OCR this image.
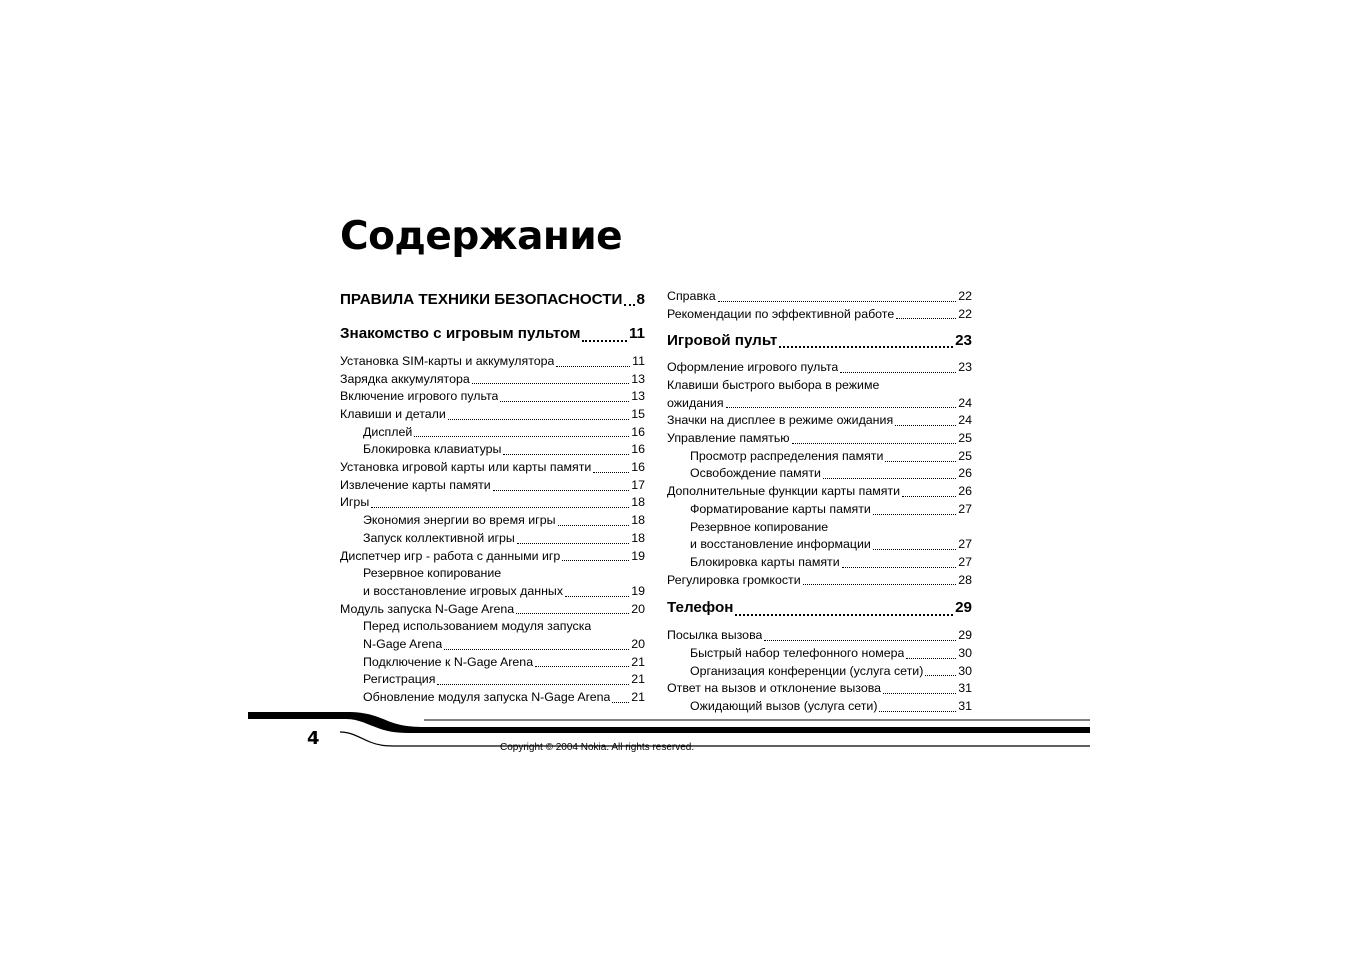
Содержание
ПРАВИЛА ТЕХНИКИ БЕЗОПАСНОСТИ 8
Знакомство с игровым пультом	11
Установка SIM-карты и аккумулятора	11
Зарядка аккумулятора	13
Включение игрового пульта	13
Клавиши и детали	15
Дисплей	16
Блокировка клавиатуры	16
Установка игровой карты или карты памяти	16
Извлечение карты памяти	17
Игры	18
Экономия энергии во время игры	18
Запуск коллективной игры	18
Диспетчер игр - работа с данными игр	19
Резервное копирование
и восстановление игровых данных	19
Модуль запуска N-Gage Arena	20
Перед использованием модуля запуска
N-Gage Arena	20
Подключение к N-Gage Arena	21
Регистрация	21
Обновление модуля запуска N-Gage Arena 21
Справка	22
Рекомендации по эффективной работе	22
Игровой пульт	23
Оформление игрового пульта	23
Клавиши быстрого выбора в режиме
ожидания	24
Значки на дисплее в режиме ожидания	24
Управление памятью	25
Просмотр распределения памяти	25
Освобождение памяти	26
Дополнительные функции карты памяти	26
Форматирование карты памяти	27
Резервное копирование
и восстановление информации	27
Блокировка карты памяти	27
Регулировка громкости	28
Телефон	29
Посылка вызова	29
Быстрый набор телефонного номера	30
Организация конференции (услуга сети)	30
Ответ на вызов и отклонение вызова	31
Ожидающий вызов (услуга сети)	31
4	Copyright © 2004 Nokia. All rights reserved.
